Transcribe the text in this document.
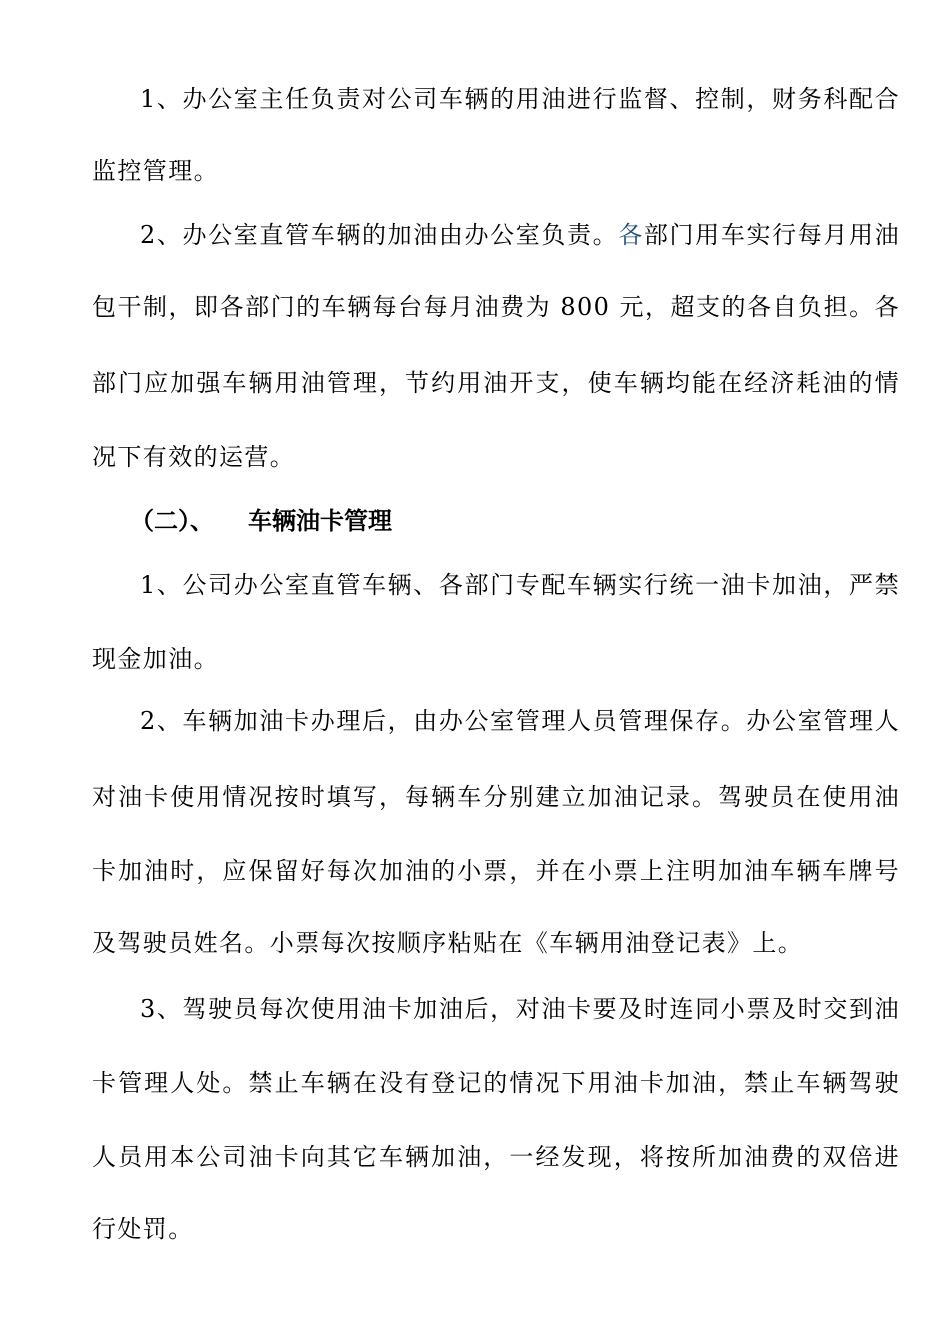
1、办公室主任负责对公司车辆的用油进行监督、控制，财务科配合
监控管理。
2、办公室直管车辆的加油由办公室负责。各部门用车实行每月用油
包干制，即各部门的车辆每台每月油费为 800 元，超支的各自负担。各
部门应加强车辆用油管理，节约用油开支，使车辆均能在经济耗油的情
况下有效的运营。
（二）、 车辆油卡管理
1、公司办公室直管车辆、各部门专配车辆实行统一油卡加油，严禁
现金加油。
2、车辆加油卡办理后，由办公室管理人员管理保存。办公室管理人
对油卡使用情况按时填写，每辆车分别建立加油记录。驾驶员在使用油
卡加油时，应保留好每次加油的小票，并在小票上注明加油车辆车牌号
及驾驶员姓名。小票每次按顺序粘贴在《车辆用油登记表》上。
3、驾驶员每次使用油卡加油后，对油卡要及时连同小票及时交到油
卡管理人处。禁止车辆在没有登记的情况下用油卡加油，禁止车辆驾驶
人员用本公司油卡向其它车辆加油，一经发现，将按所加油费的双倍进
行处罚。
